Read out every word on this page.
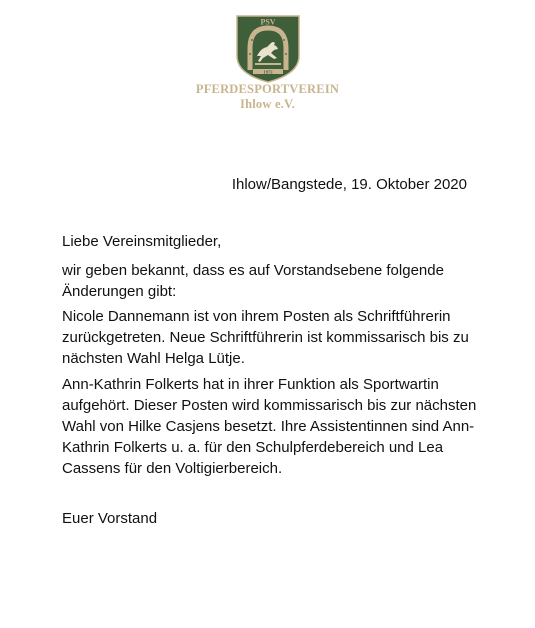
PSV
1973
PFERDESPORTVEREIN
Ihlow e.V.
Ihlow/Bangstede, 19. Oktober 2020
Liebe Vereinsmitglieder,

wir geben bekannt, dass es auf Vorstandsebene folgende

Änderungen gibt:

Nicole Dannemann ist von ihrem Posten als Schriftführerin

zurückgetreten. Neue Schriftführerin ist kommissarisch bis zu

nächsten Wahl Helga Lütje.

Ann-Kathrin Folkerts hat in ihrer Funktion als Sportwartin

aufgehört. Dieser Posten wird kommissarisch bis zur nächsten

Wahl von Hilke Casjens besetzt. Ihre Assistentinnen sind Ann-

Kathrin Folkerts u. a. für den Schulpferdebereich und Lea

Cassens für den Voltigierbereich.

Euer Vorstand
